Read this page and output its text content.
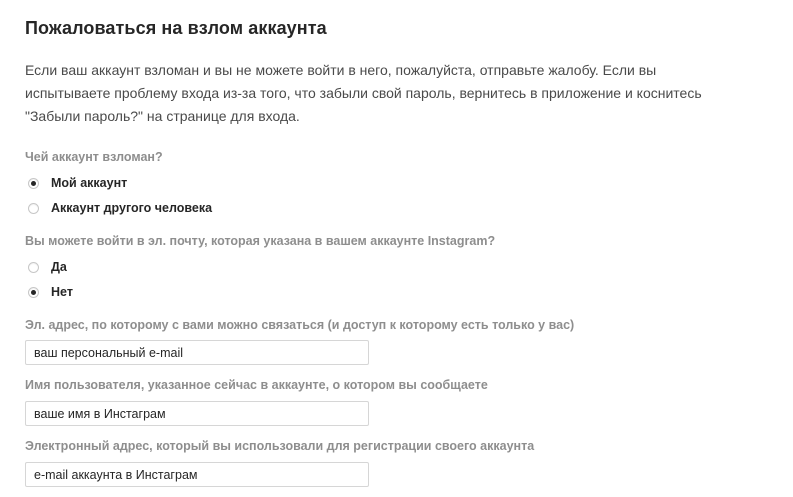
Пожаловаться на взлом аккаунта

Если ваш аккаунт взломан и вы не можете войти в него, пожалуйста, отправьте жалобу. Если вы

испытываете проблему входа из-за того, что забыли свой пароль, вернитесь в приложение и коснитесь

"Забыли пароль?" на странице для входа.

Чей аккаунт взломан?
Мой аккаунт
Аккаунт другого человека
Вы можете войти в эл. почту, которая указана в вашем аккаунте Instagram?
Да
Нет
Эл. адрес, по которому с вами можно связаться (и доступ к которому есть только у вас)
ваш персональный e-mail
Имя пользователя, указанное сейчас в аккаунте, о котором вы сообщаете
ваше имя в Инстаграм
Электронный адрес, который вы использовали для регистрации своего аккаунта
e-mail аккаунта в Инстаграм
